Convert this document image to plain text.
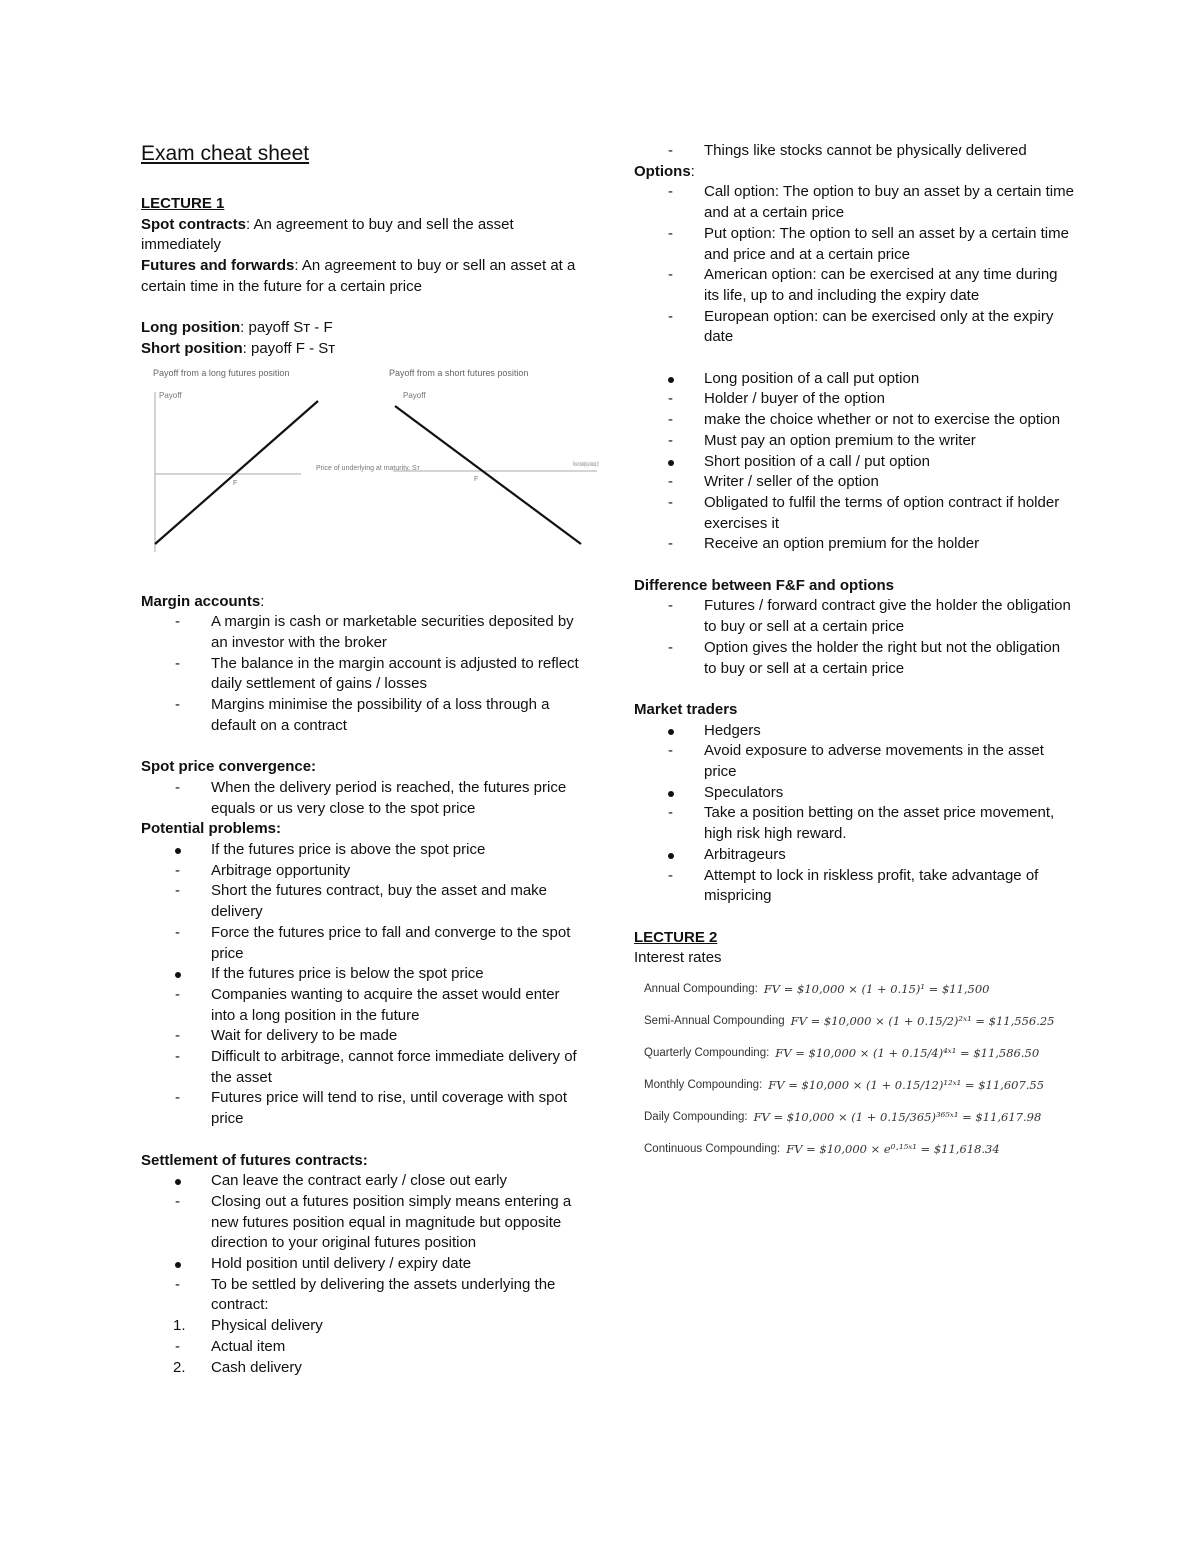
Exam cheat sheet

LECTURE 1

Spot contracts: An agreement to buy and sell the asset immediately

Futures and forwards: An agreement to buy or sell an asset at a certain time in the future for a certain price

Long position: payoff Sᴛ - F

Short position: payoff F - Sᴛ

Payoff from a long futures position
Payoff
F
Price of underlying at maturity, Sᴛ
Payoff from a short futures position
Payoff
F
Price of underlying at maturity, Sᴛ

Margin accounts:

-	A margin is cash or marketable securities deposited by an investor with the broker
-	The balance in the margin account is adjusted to reflect daily settlement of gains / losses
-	Margins minimise the possibility of a loss through a default on a contract

Spot price convergence:

-	When the delivery period is reached, the futures price equals or us very close to the spot price

Potential problems:

If the futures price is above the spot price
-	Arbitrage opportunity
-	Short the futures contract, buy the asset and make delivery
-	Force the futures price to fall and converge to the spot price
If the futures price is below the spot price
-	Companies wanting to acquire the asset would enter into a long position in the future
-	Wait for delivery to be made
-	Difficult to arbitrage, cannot force immediate delivery of the asset
-	Futures price will tend to rise, until coverage with spot price

Settlement of futures contracts:

Can leave the contract early / close out early
-	Closing out a futures position simply means entering a new futures position equal in magnitude but opposite direction to your original futures position
Hold position until delivery / expiry date
-	To be settled by delivering the assets underlying the contract:
1.	Physical delivery
-	Actual item
2.	Cash delivery
-	Things like stocks cannot be physically delivered

Options:

-	Call option: The option to buy an asset by a certain time and at a certain price
-	Put option: The option to sell an asset by a certain time and price and at a certain price
-	American option: can be exercised at any time during its life, up to and including the expiry date
-	European option: can be exercised only at the expiry date
Long position of a call put option
-	Holder / buyer of the option
-	make the choice whether or not to exercise the option
-	Must pay an option premium to the writer
Short position of a call / put option
-	Writer / seller of the option
-	Obligated to fulfil the terms of option contract if holder exercises it
-	Receive an option premium for the holder

Difference between F&F and options

-	Futures / forward contract give the holder the obligation to buy or sell at a certain price
-	Option gives the holder the right but not the obligation to buy or sell at a certain price

Market traders

Hedgers
-	Avoid exposure to adverse movements in the asset price
Speculators
-	Take a position betting on the asset price movement, high risk high reward.
Arbitrageurs
-	Attempt to lock in riskless profit, take advantage of mispricing

LECTURE 2

Interest rates

Annual Compounding: FV = $10,000 × (1 + 0.15)¹ = $11,500
Semi-Annual Compounding FV = $10,000 × (1 + 0.15/2)²ˣ¹ = $11,556.25
Quarterly Compounding: FV = $10,000 × (1 + 0.15/4)⁴ˣ¹ = $11,586.50
Monthly Compounding: FV = $10,000 × (1 + 0.15/12)¹²ˣ¹ = $11,607.55
Daily Compounding: FV = $10,000 × (1 + 0.15/365)³⁶⁵ˣ¹ = $11,617.98
Continuous Compounding: FV = $10,000 × e⁰·¹⁵ˣ¹ = $11,618.34
